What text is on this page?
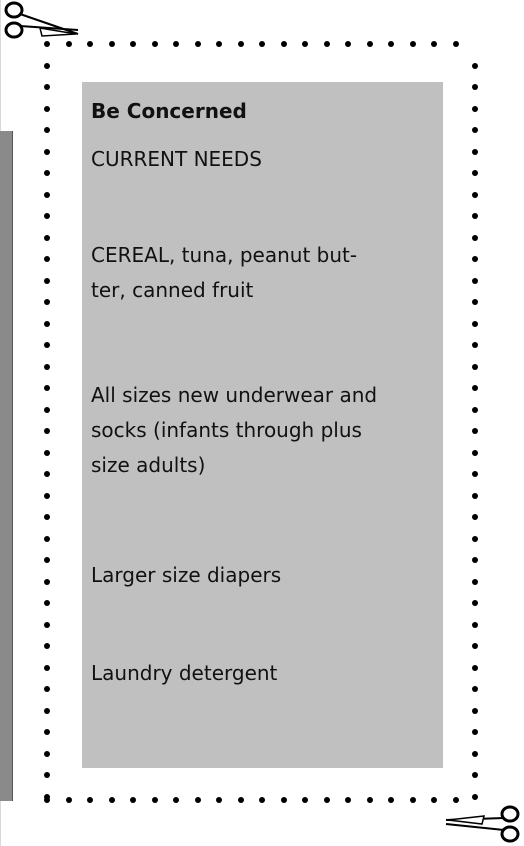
Be Concerned
CURRENT NEEDS
CEREAL, tuna, peanut but-
ter, canned fruit
All sizes new underwear and
socks (infants through plus
size adults)
Larger size diapers
Laundry detergent
